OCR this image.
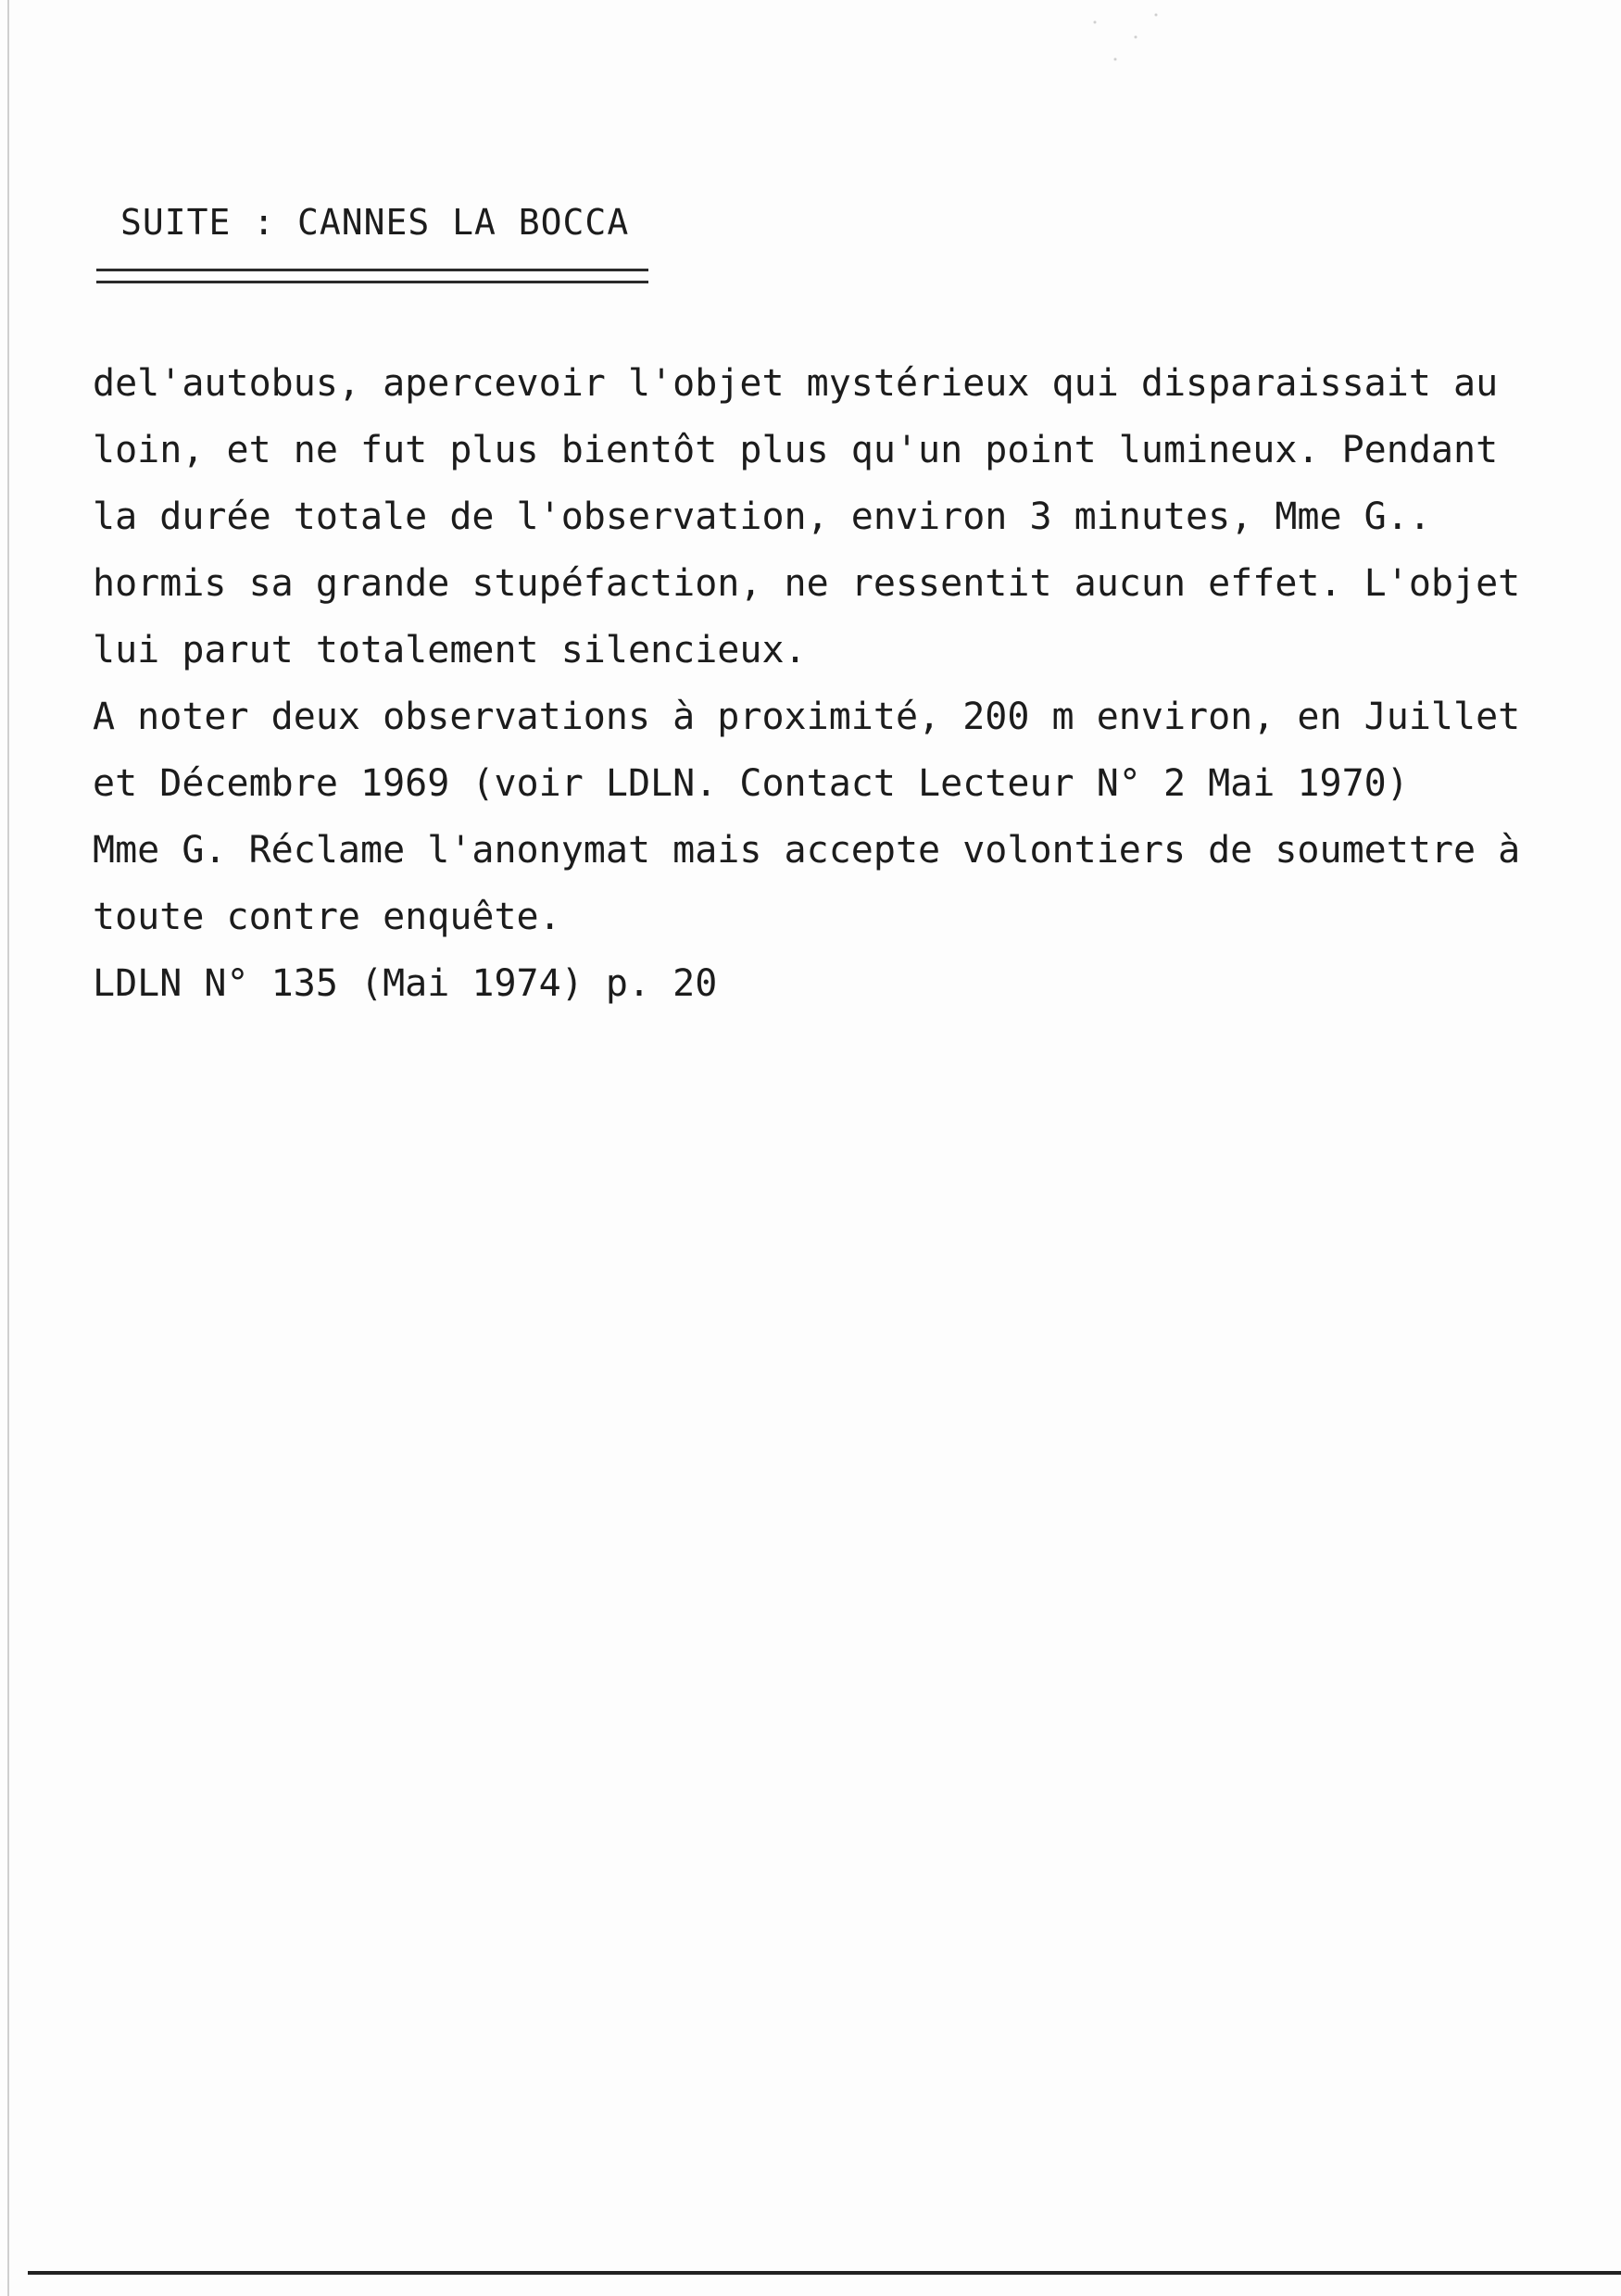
SUITE : CANNES LA BOCCA
del'autobus, apercevoir l'objet mystérieux qui disparaissait au
loin, et ne fut plus bientôt plus qu'un point lumineux. Pendant
la durée totale de l'observation, environ 3 minutes, Mme G..
hormis sa grande stupéfaction, ne ressentit aucun effet. L'objet
lui parut totalement silencieux.
A noter deux observations à proximité, 200 m environ, en Juillet
et Décembre 1969 (voir LDLN. Contact Lecteur N° 2 Mai 1970)
Mme G. Réclame l'anonymat mais accepte volontiers de soumettre à
toute contre enquête.
LDLN N° 135 (Mai 1974) p. 20
